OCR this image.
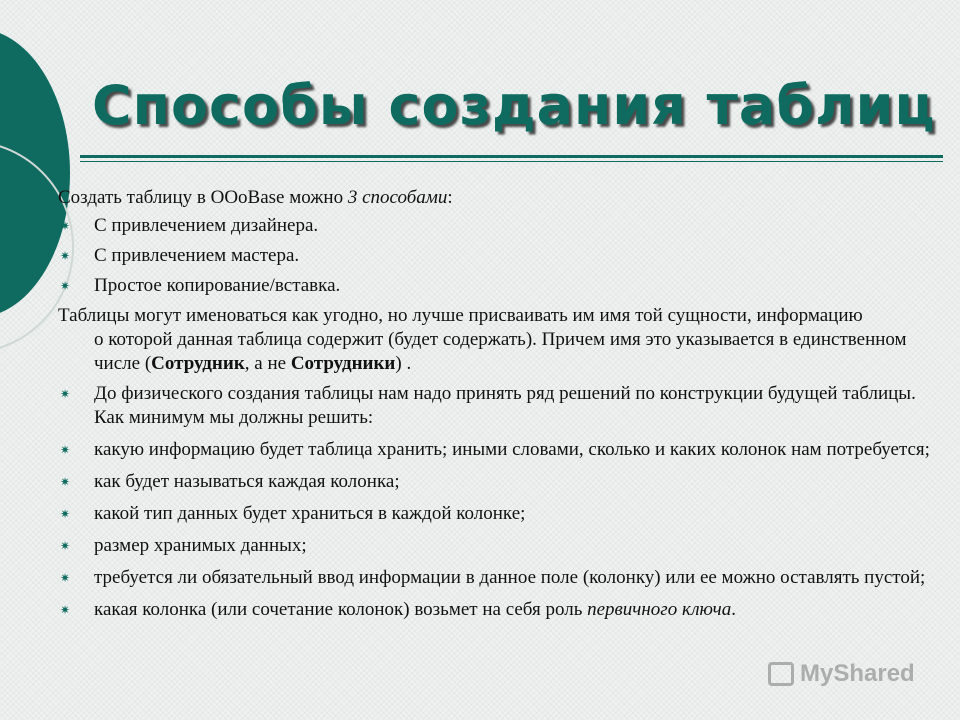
Способы создания таблиц
Создать таблицу в OOoBase можно 3 способами:
✷ С привлечением дизайнера.
✷ С привлечением мастера.
✷ Простое копирование/вставка.
Таблицы могут именоваться как угодно, но лучше присваивать им имя той сущности, информацию
о которой данная таблица содержит (будет содержать). Причем имя это указывается в единственном числе (Сотрудник, а не Сотрудники) .
✷ До физического создания таблицы нам надо принять ряд решений по конструкции будущей таблицы. Как минимум мы должны решить:
✷ какую информацию будет таблица хранить; иными словами, сколько и каких колонок нам потребуется;
✷ как будет называться каждая колонка;
✷ какой тип данных будет храниться в каждой колонке;
✷ размер хранимых данных;
✷ требуется ли обязательный ввод информации в данное поле (колонку) или ее можно оставлять пустой;
✷ какая колонка (или сочетание колонок) возьмет на себя роль первичного ключа.
MyShared
